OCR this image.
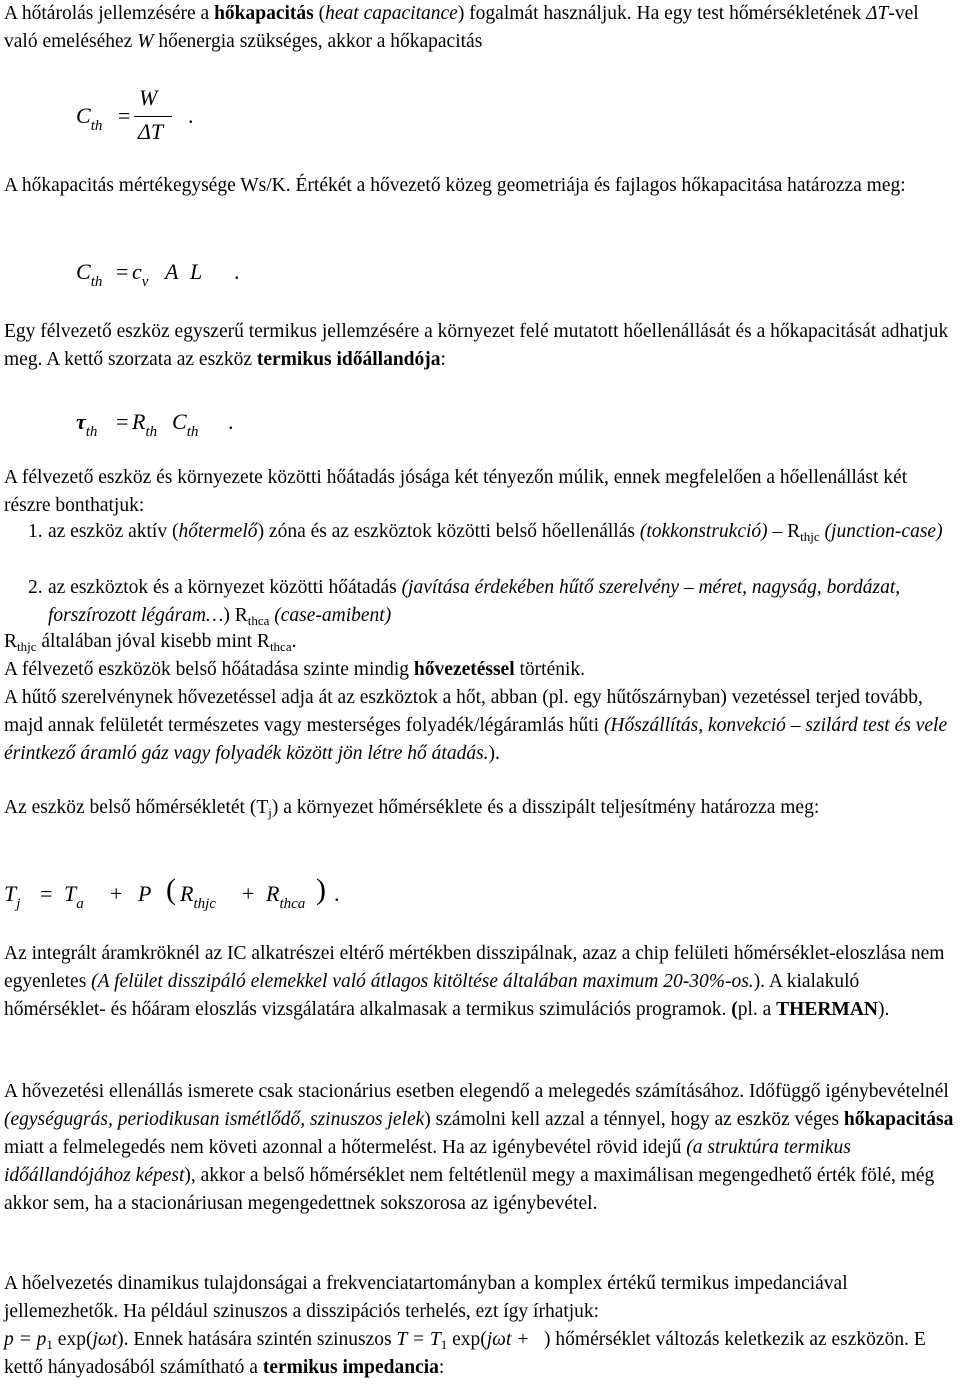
A hőtárolás jellemzésére a hőkapacitás (heat capacitance) fogalmát használjuk. Ha egy test hőmérsékletének ΔT-vel való emeléséhez W hőenergia szükséges, akkor a hőkapacitás

$C_{th}$ =
W
ΔT
.

A hőkapacitás mértékegysége Ws/K. Értékét a hővezető közeg geometriája és fajlagos hőkapacitása határozza meg:

$C_{th} = c_v$ A L .

Egy félvezető eszköz egyszerű termikus jellemzésére a környezet felé mutatott hőellenállását és a hőkapacitását adhatjuk meg. A kettő szorzata az eszköz termikus időállandója:

$\tau_{th} = R_{th}$ $C_{th}$ .

A félvezető eszköz és környezete közötti hőátadás jósága két tényezőn múlik, ennek megfelelően a hőellenállást két részre bonthatjuk:

1. az eszköz aktív (hőtermelő) zóna és az eszköztok közötti belső hőellenállás (tokkonstrukció) – $R_{thjc}$ (junction-case)

2. az eszköztok és a környezet közötti hőátadás (javítása érdekében hűtő szerelvény – méret, nagyság, bordázat, forszírozott légáram…) $R_{thca}$ (case-amibent)

$R_{thjc}$ általában jóval kisebb mint $R_{thca}$.

A félvezető eszközök belső hőátadása szinte mindig hővezetéssel történik.

A hűtő szerelvénynek hővezetéssel adja át az eszköztok a hőt, abban (pl. egy hűtőszárnyban) vezetéssel terjed tovább, majd annak felületét természetes vagy mesterséges folyadék/légáramlás hűti (Hőszállítás, konvekció – szilárd test és vele érintkező áramló gáz vagy folyadék között jön létre hő átadás.).

Az eszköz belső hőmérsékletét $(T_j)$ a környezet hőmérséklete és a disszipált teljesítmény határozza meg:

$T_j = T_a + P$ ( $R_{thjc} + R_{thca}$ ) .

Az integrált áramkröknél az IC alkatrészei eltérő mértékben disszipálnak, azaz a chip felületi hőmérséklet-eloszlása nem egyenletes (A felület disszipáló elemekkel való átlagos kitöltése általában maximum 20-30%-os.). A kialakuló hőmérséklet- és hőáram eloszlás vizsgálatára alkalmasak a termikus szimulációs programok. (pl. a THERMAN).

A hővezetési ellenállás ismerete csak stacionárius esetben elegendő a melegedés számításához. Időfüggő igénybevételnél (egységugrás, periodikusan ismétlődő, szinuszos jelek) számolni kell azzal a ténnyel, hogy az eszköz véges hőkapacitása miatt a felmelegedés nem követi azonnal a hőtermelést. Ha az igénybevétel rövid idejű (a struktúra termikus időállandójához képest), akkor a belső hőmérséklet nem feltétlenül megy a maximálisan megengedhető érték fölé, még akkor sem, ha a stacionáriusan megengedettnek sokszorosa az igénybevétel.

A hőelvezetés dinamikus tulajdonságai a frekvenciatartományban a komplex értékű termikus impedanciával jellemezhetők. Ha például szinuszos a disszipációs terhelés, ezt így írhatjuk:
$p = p_1$ exp(jωt). Ennek hatására szintén szinuszos $T = T_1$ exp(jωt +   ) hőmérséklet változás keletkezik az eszközön. E kettő hányadosából számítható a termikus impedancia:
